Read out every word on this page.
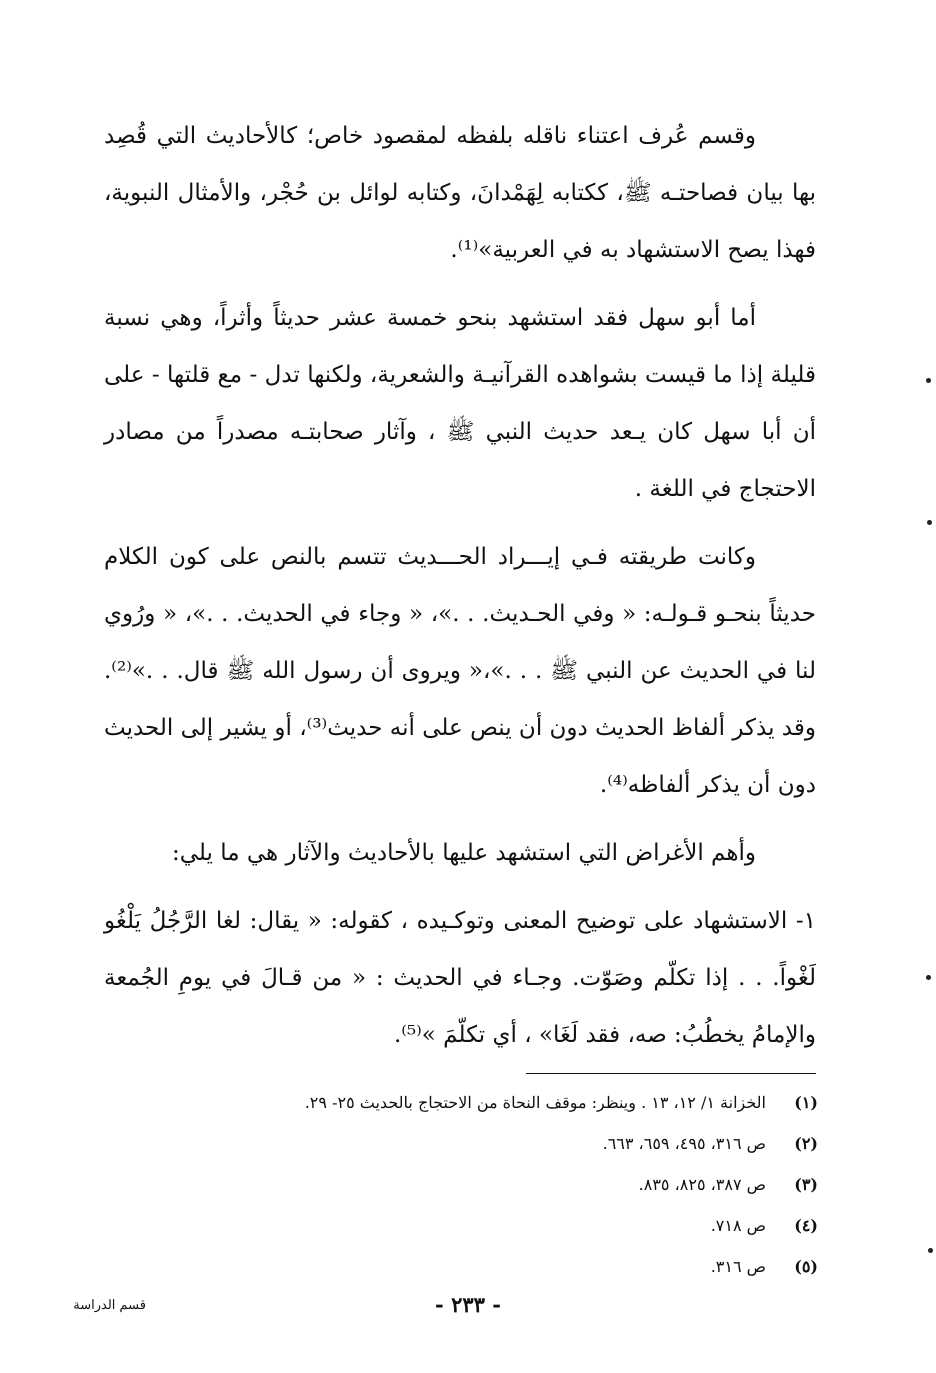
وقسم عُرف اعتناء ناقله بلفظه لمقصود خاص؛ كالأحاديث التي قُصِد بها بيان فصاحتـه ﷺ، ككتابه لِهَمْدانَ، وكتابه لوائل بن حُجْر، والأمثال النبوية، فهذا يصح الاستشهاد به في العربية»⁽¹⁾.

أما أبو سهل فقد استشهد بنحو خمسة عشر حديثاً وأثراً، وهي نسبة قليلة إذا ما قيست بشواهده القرآنيـة والشعرية، ولكنها تدل - مع قلتها - على أن أبا سهل كان يـعد حديث النبي ﷺ ، وآثار صحابتـه مصدراً من مصادر الاحتجاج في اللغة .

وكانت طريقته فـي إيـــراد الحـــديث تتسم بالنص على كون الكلام حديثاً بنحـو قـولـه: « وفي الحـديث. . .»، « وجاء في الحديث. . .»، « ورُوي لنا في الحديث عن النبي ﷺ . . .»،« ويروى أن رسول الله ﷺ قال. . .»⁽²⁾. وقد يذكر ألفاظ الحديث دون أن ينص على أنه حديث⁽³⁾، أو يشير إلى الحديث دون أن يذكر ألفاظه⁽⁴⁾.

وأهم الأغراض التي استشهد عليها بالأحاديث والآثار هي ما يلي:

١- الاستشهاد على توضيح المعنى وتوكـيده ، كقوله: « يقال: لغا الرَّجُلُ يَلْغُو لَغْواً. . . إذا تكلّم وصَوّت. وجـاء في الحديث : « من قـالَ في يومِ الجُمعة والإمامُ يخطُبُ: صه، فقد لَغَا» ، أي تكلّمَ »⁽⁵⁾.

(١)
الخزانة ١/ ١٢، ١٣ . وينظر: موقف النحاة من الاحتجاج بالحديث ٢٥- ٢٩.
(٢)
ص ٣١٦، ٤٩٥، ٦٥٩، ٦٦٣.
(٣)
ص ٣٨٧، ٨٢٥، ٨٣٥.
(٤)
ص ٧١٨.
(٥)
ص ٣١٦.
- ٢٣٣ -
قسم الدراسة
